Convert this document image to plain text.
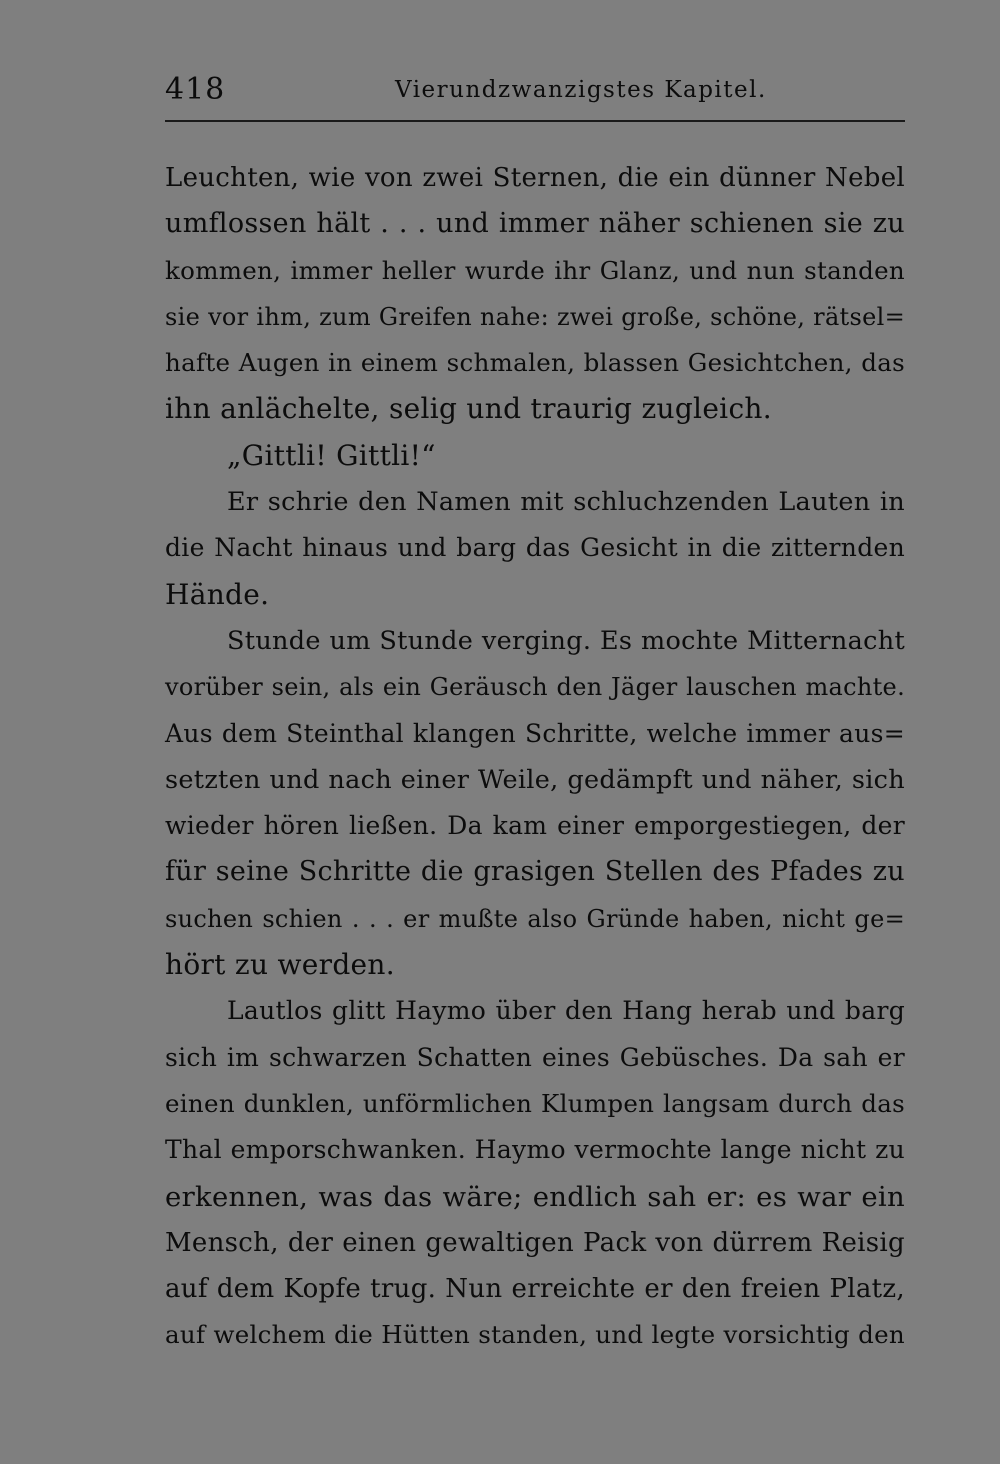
418	Vierundzwanzigstes Kapitel.
Leuchten, wie von zwei Sternen, die ein dünner Nebel
umflossen hält . . . und immer näher schienen sie zu
kommen, immer heller wurde ihr Glanz, und nun standen
sie vor ihm, zum Greifen nahe: zwei große, schöne, rätsel=
hafte Augen in einem schmalen, blassen Gesichtchen, das
ihn anlächelte, selig und traurig zugleich.
„Gittli! Gittli!“
Er schrie den Namen mit schluchzenden Lauten in
die Nacht hinaus und barg das Gesicht in die zitternden
Hände.
Stunde um Stunde verging. Es mochte Mitternacht
vorüber sein, als ein Geräusch den Jäger lauschen machte.
Aus dem Steinthal klangen Schritte, welche immer aus=
setzten und nach einer Weile, gedämpft und näher, sich
wieder hören ließen. Da kam einer emporgestiegen, der
für seine Schritte die grasigen Stellen des Pfades zu
suchen schien . . . er mußte also Gründe haben, nicht ge=
hört zu werden.
Lautlos glitt Haymo über den Hang herab und barg
sich im schwarzen Schatten eines Gebüsches. Da sah er
einen dunklen, unförmlichen Klumpen langsam durch das
Thal emporschwanken. Haymo vermochte lange nicht zu
erkennen, was das wäre; endlich sah er: es war ein
Mensch, der einen gewaltigen Pack von dürrem Reisig
auf dem Kopfe trug. Nun erreichte er den freien Platz,
auf welchem die Hütten standen, und legte vorsichtig den
